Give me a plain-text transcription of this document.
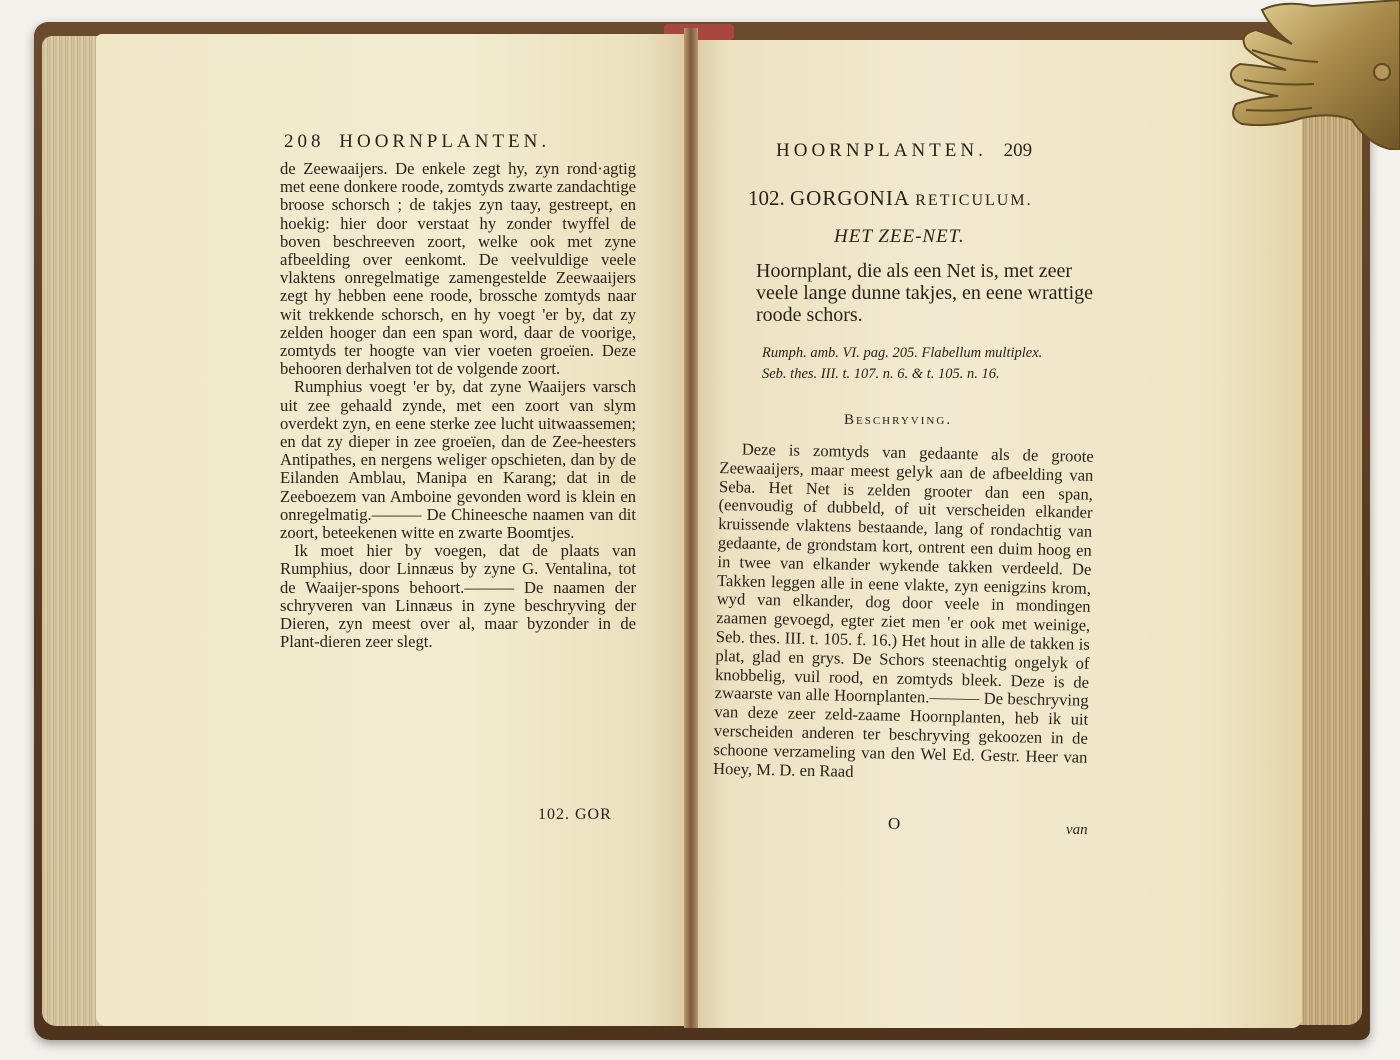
208 HOORNPLANTEN.

de Zeewaaijers. De enkele zegt hy, zyn rond·agtig met eene donkere roode, zomtyds zwarte zandachtige broose schorsch ; de takjes zyn taay, gestreept, en hoekig: hier door verstaat hy zonder twyffel de boven beschreeven zoort, welke ook met zyne afbeelding over eenkomt. De veelvuldige veele vlaktens onregelmatige zamengestelde Zeewaaijers zegt hy hebben eene roode, brossche zomtyds naar wit trekkende schorsch, en hy voegt 'er by, dat zy zelden hooger dan een span word, daar de voorige, zomtyds ter hoogte van vier voeten groeïen. Deze behooren derhalven tot de volgende zoort.

Rumphius voegt 'er by, dat zyne Waaijers varsch uit zee gehaald zynde, met een zoort van slym overdekt zyn, en eene sterke zee lucht uitwaassemen; en dat zy dieper in zee groeïen, dan de Zee-heesters Antipathes, en nergens weliger opschieten, dan by de Eilanden Amblau, Manipa en Karang; dat in de Zeeboezem van Amboine gevonden word is klein en onregelmatig.——— De Chineesche naamen van dit zoort, beteekenen witte en zwarte Boomtjes.

Ik moet hier by voegen, dat de plaats van Rumphius, door Linnæus by zyne G. Ventalina, tot de Waaijer-spons behoort.——— De naamen der schryveren van Linnæus in zyne beschryving der Dieren, zyn meest over al, maar byzonder in de Plant-dieren zeer slegt.

102. GOR
HOORNPLANTEN. 209
102. GORGONIA RETICULUM.
HET ZEE-NET.
Hoornplant, die als een Net is, met zeer veele lange dunne takjes, en eene wrattige roode schors.
Rumph. amb. VI. pag. 205. Flabellum multiplex.
Seb. thes. III. t. 107. n. 6. & t. 105. n. 16.
Beschryving.

Deze is zomtyds van gedaante als de groote Zeewaaijers, maar meest gelyk aan de afbeelding van Seba. Het Net is zelden grooter dan een span, (eenvoudig of dubbeld, of uit verscheiden elkander kruissende vlaktens bestaande, lang of rondachtig van gedaante, de grondstam kort, ontrent een duim hoog en in twee van elkander wykende takken verdeeld. De Takken leggen alle in eene vlakte, zyn eenigzins krom, wyd van elkander, dog door veele in mondingen zaamen gevoegd, egter ziet men 'er ook met weinige, Seb. thes. III. t. 105. f. 16.) Het hout in alle de takken is plat, glad en grys. De Schors steenachtig ongelyk of knobbelig, vuil rood, en zomtyds bleek. Deze is de zwaarste van alle Hoornplanten.——— De beschryving van deze zeer zeld-zaame Hoornplanten, heb ik uit verscheiden anderen ter beschryving gekoozen in de schoone verzameling van den Wel Ed. Gestr. Heer van Hoey, M. D. en Raad

O	van
